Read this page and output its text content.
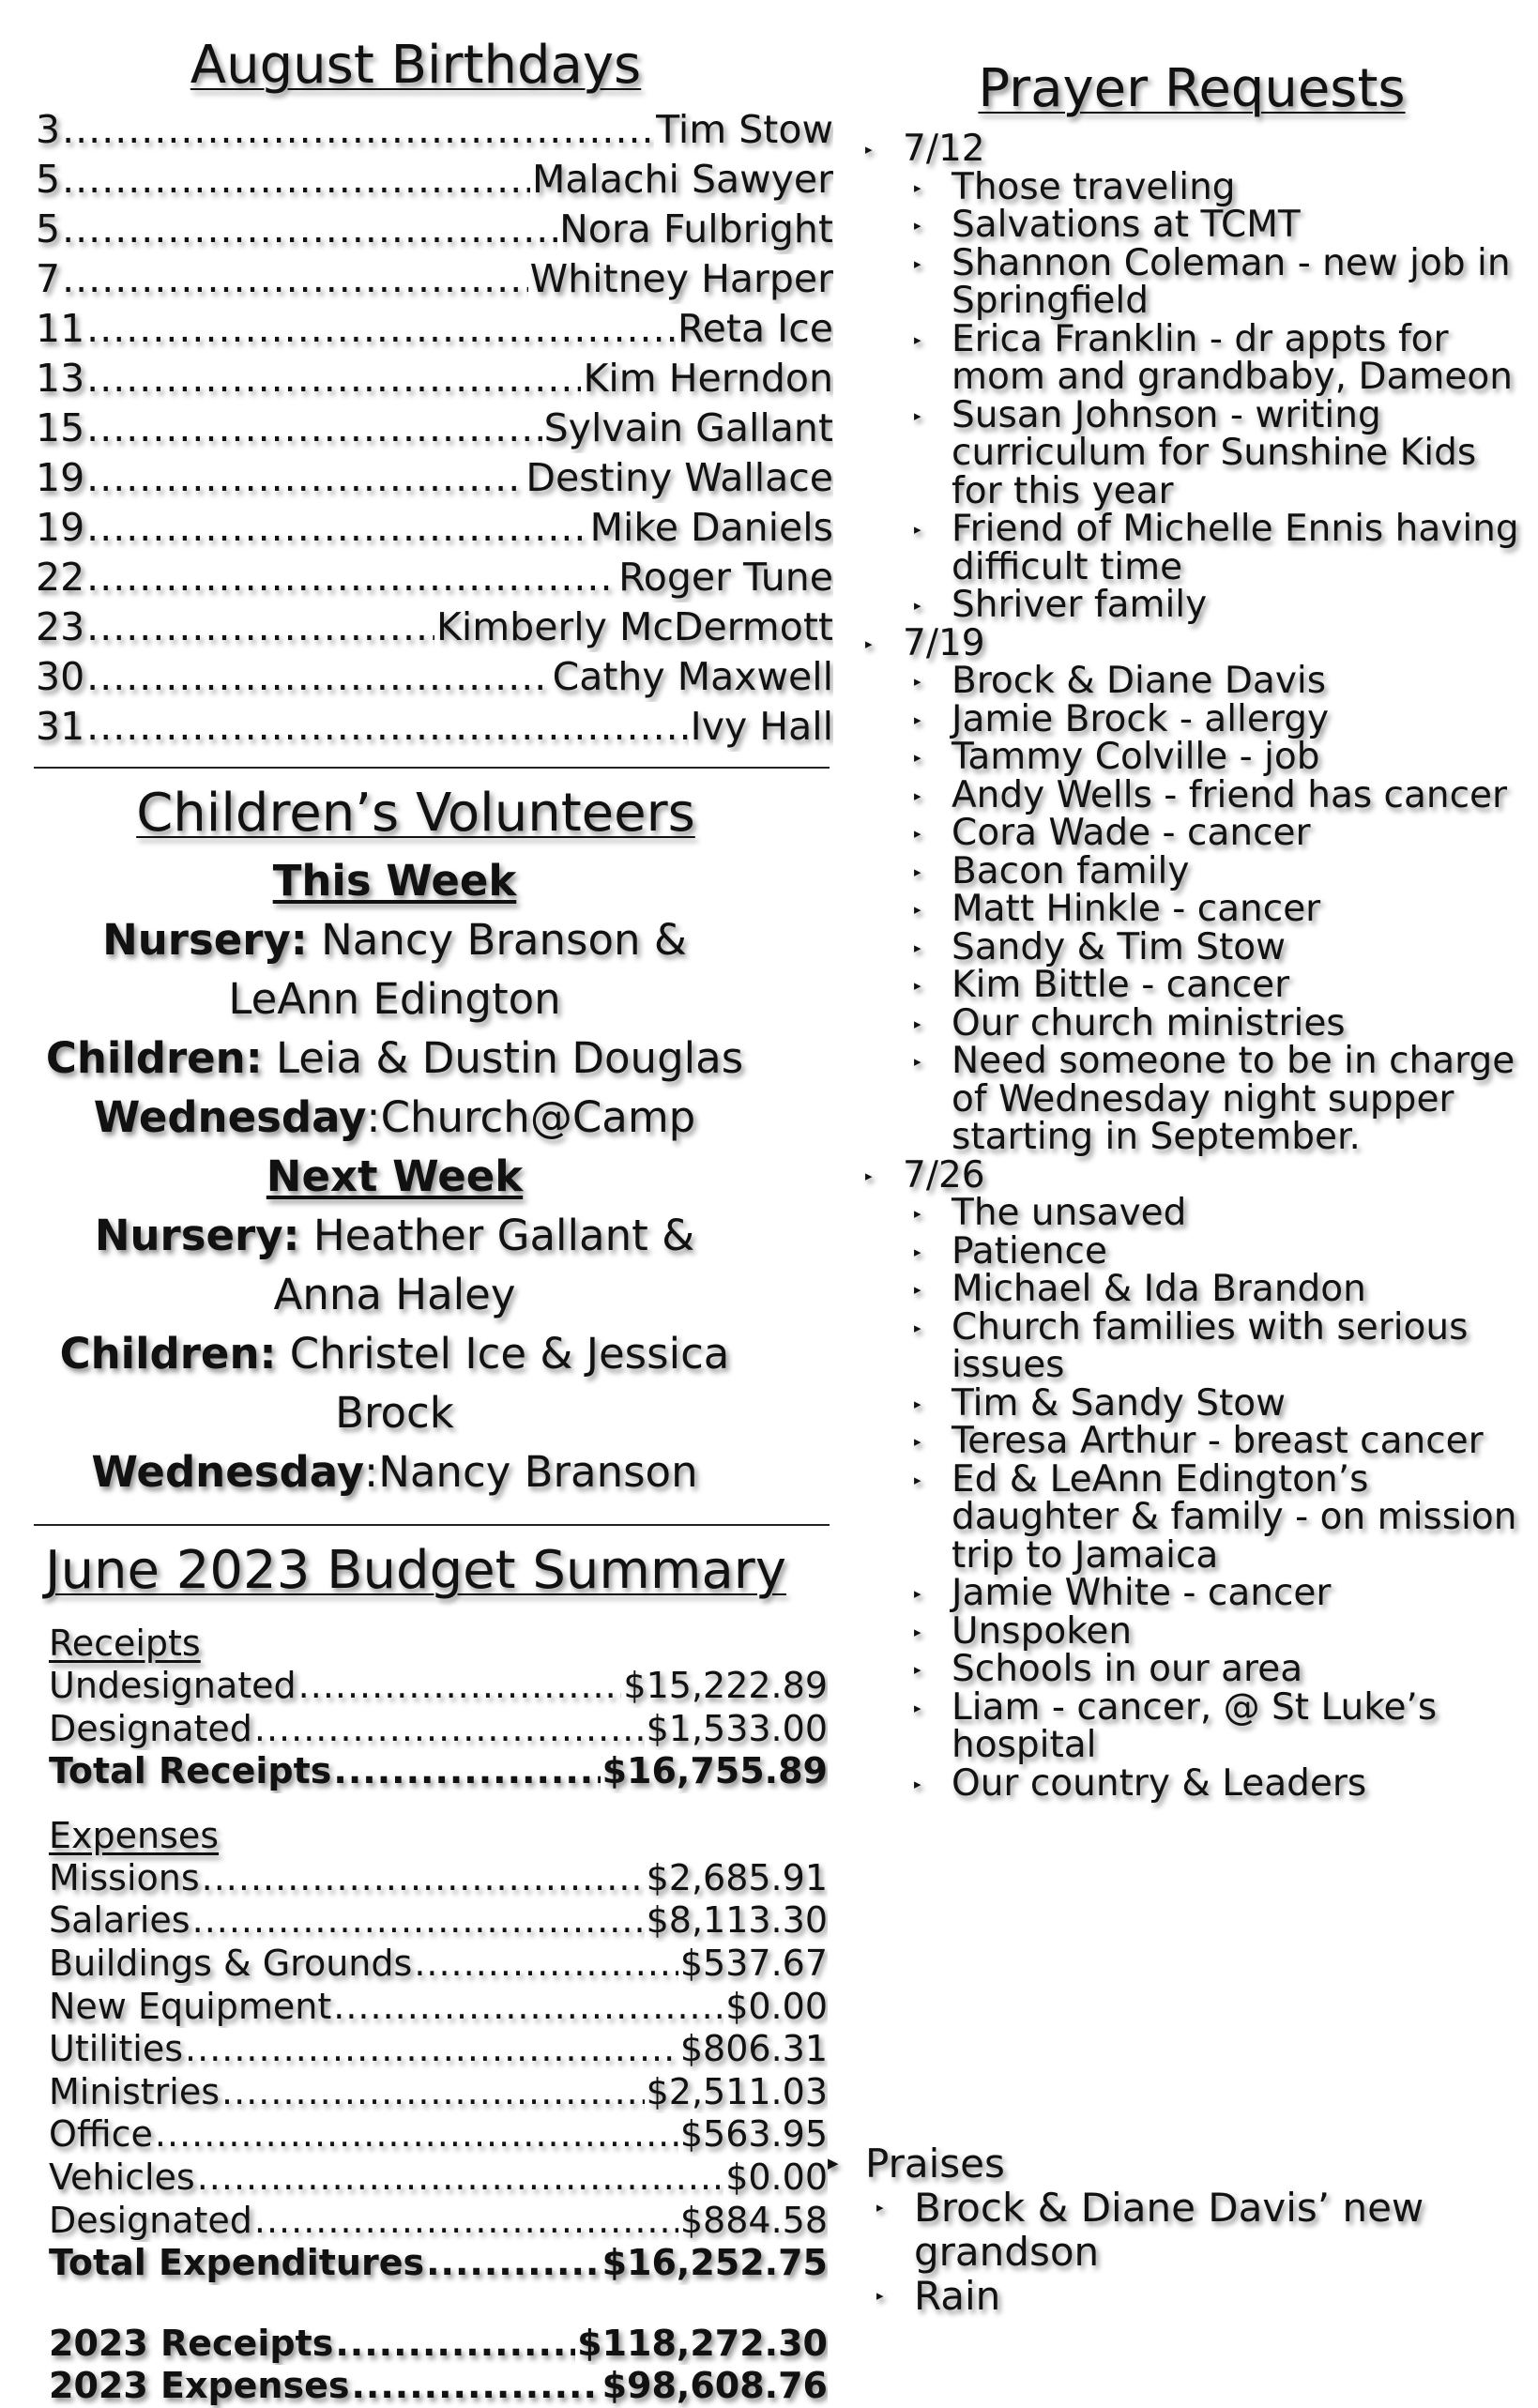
August Birthdays
3 .....	Tim Stow
5 .....	Malachi Sawyer
5 .....	Nora Fulbright
7 .....	Whitney Harper
11 .....	Reta Ice
13 .....	Kim Herndon
15 .....	Sylvain Gallant
19 .....	Destiny Wallace
19 .....	Mike Daniels
22 .....	Roger Tune
23 .....	Kimberly McDermott
30 .....	Cathy Maxwell
31 .....	Ivy Hall
Children’s Volunteers
This Week
Nursery: Nancy Branson & LeAnn Edington
Children: Leia & Dustin Douglas
Wednesday:Church@Camp
Next Week
Nursery: Heather Gallant & Anna Haley
Children: Christel Ice & Jessica Brock
Wednesday:Nancy Branson
June 2023 Budget Summary
Receipts
Undesignated .....	$15,222.89
Designated .....	$1,533.00
Total Receipts .....	$16,755.89
Expenses
Missions .....	$2,685.91
Salaries .....	$8,113.30
Buildings & Grounds .....	$537.67
New Equipment .....	$0.00
Utilities .....	$806.31
Ministries .....	$2,511.03
Office .....	$563.95
Vehicles .....	$0.00
Designated .....	$884.58
Total Expenditures .....	$16,252.75
2023 Receipts .....	$118,272.30
2023 Expenses .....	$98,608.76
Prayer Requests
▸ 7/12
▸ Those traveling
▸ Salvations at TCMT
▸ Shannon Coleman - new job in Springfield
▸ Erica Franklin - dr appts for mom and grandbaby, Dameon
▸ Susan Johnson - writing curriculum for Sunshine Kids for this year
▸ Friend of Michelle Ennis having difficult time
▸ Shriver family
▸ 7/19
▸ Brock & Diane Davis
▸ Jamie Brock - allergy
▸ Tammy Colville - job
▸ Andy Wells - friend has cancer
▸ Cora Wade - cancer
▸ Bacon family
▸ Matt Hinkle - cancer
▸ Sandy & Tim Stow
▸ Kim Bittle - cancer
▸ Our church ministries
▸ Need someone to be in charge of Wednesday night supper starting in September.
▸ 7/26
▸ The unsaved
▸ Patience
▸ Michael & Ida Brandon
▸ Church families with serious issues
▸ Tim & Sandy Stow
▸ Teresa Arthur - breast cancer
▸ Ed & LeAnn Edington’s daughter & family - on mission trip to Jamaica
▸ Jamie White - cancer
▸ Unspoken
▸ Schools in our area
▸ Liam - cancer, @ St Luke’s hospital
▸ Our country & Leaders
▶ Praises
▸ Brock & Diane Davis’ new grandson
▸ Rain
